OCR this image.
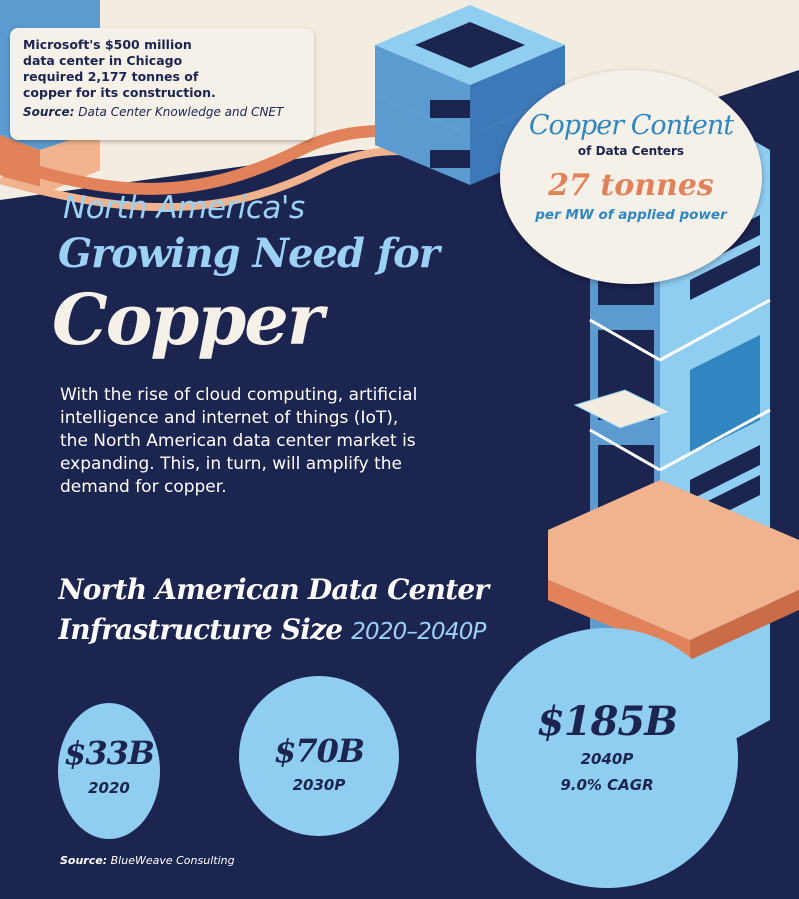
Microsoft's $500 million
data center in Chicago
required 2,177 tonnes of
copper for its construction.
Source: Data Center Knowledge and CNET	Copper Content
of Data Centers
27 tonnes
per MW of applied power
North America's
Growing Need for
Copper
With the rise of cloud computing, artificial
intelligence and internet of things (IoT),
the North American data center market is
expanding. This, in turn, will amplify the
demand for copper.
North American Data Center
Infrastructure Size 2020–2040P
$33B
2020
$70B
2030P
$185B
2040P
9.0% CAGR
Source: BlueWeave Consulting
